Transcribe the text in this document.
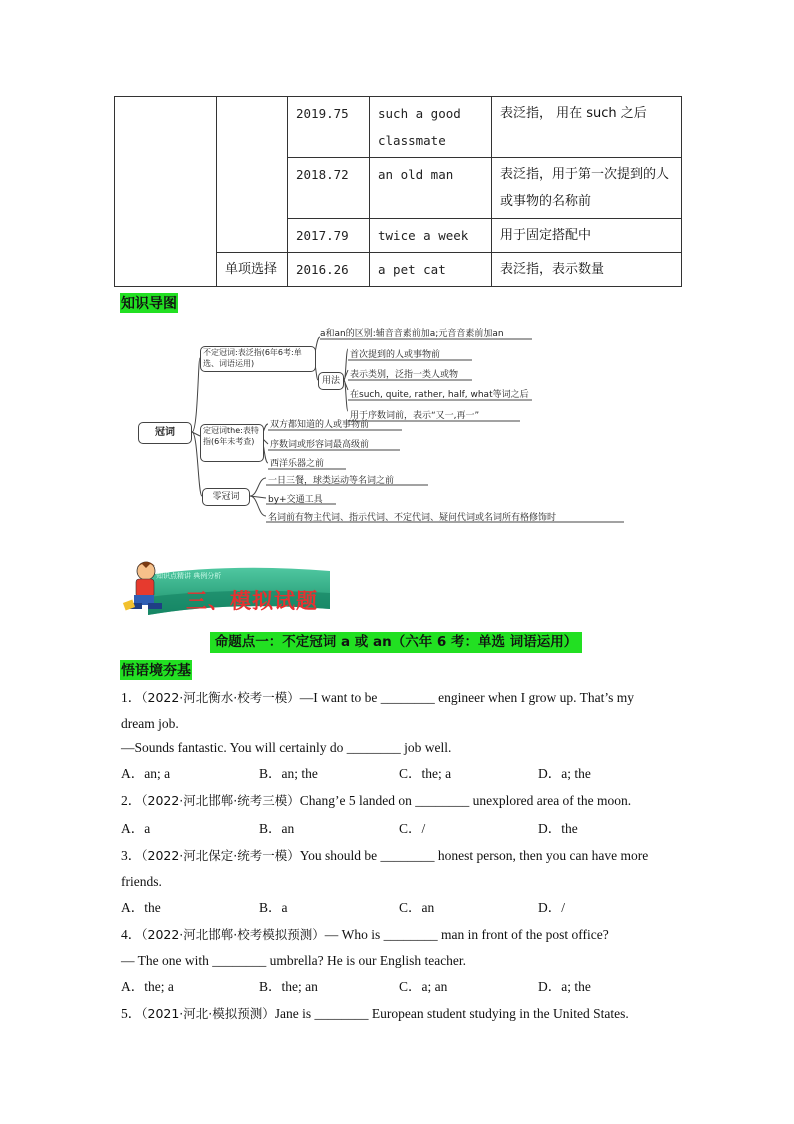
		2019.75	such a good classmate	表泛指， 用在 such 之后
		2018.72	an old man	表泛指，用于第一次提到的人或事物的名称前
		2017.79	twice a week	用于固定搭配中
	单项选择	2016.26	a pet cat	表泛指，表示数量
知识导图
冠词
不定冠词:表泛指(6年6考:单选、词语运用)
a和an的区别:辅音音素前加a;元音音素前加an
用法
首次提到的人或事物前
表示类别，泛指一类人或物
在such, quite, rather, half, what等词之后
用于序数词前，表示“又一,再一”
定冠词the:表特指(6年未考查)
双方都知道的人或事物前
序数词或形容词最高级前
西洋乐器之前
零冠词
一日三餐，球类运动等名词之前
by+交通工具
名词前有物主代词、指示代词、不定代词、疑问代词或名词所有格修饰时
知识点精讲 典例分析
三、模拟试题
命题点一：不定冠词 a 或 an（六年 6 考：单选 词语运用）
悟语境夯基
1．（2022·河北衡水·校考一模）—I want to be ________ engineer when I grow up. That’s my
dream job.
—Sounds fantastic. You will certainly do ________ job well.
A．an; a	B．an; the	C．the; a	D．a; the
2．（2022·河北邯郸·统考三模）Chang’e 5 landed on ________ unexplored area of the moon.
A．a	B．an	C．/	D．the
3．（2022·河北保定·统考一模）You should be ________ honest person, then you can have more
friends.
A．the	B．a	C．an	D．/
4．（2022·河北邯郸·校考模拟预测）— Who is ________ man in front of the post office?
— The one with ________ umbrella? He is our English teacher.
A．the; a	B．the; an	C．a; an	D．a; the
5．（2021·河北·模拟预测）Jane is ________ European student studying in the United States.
